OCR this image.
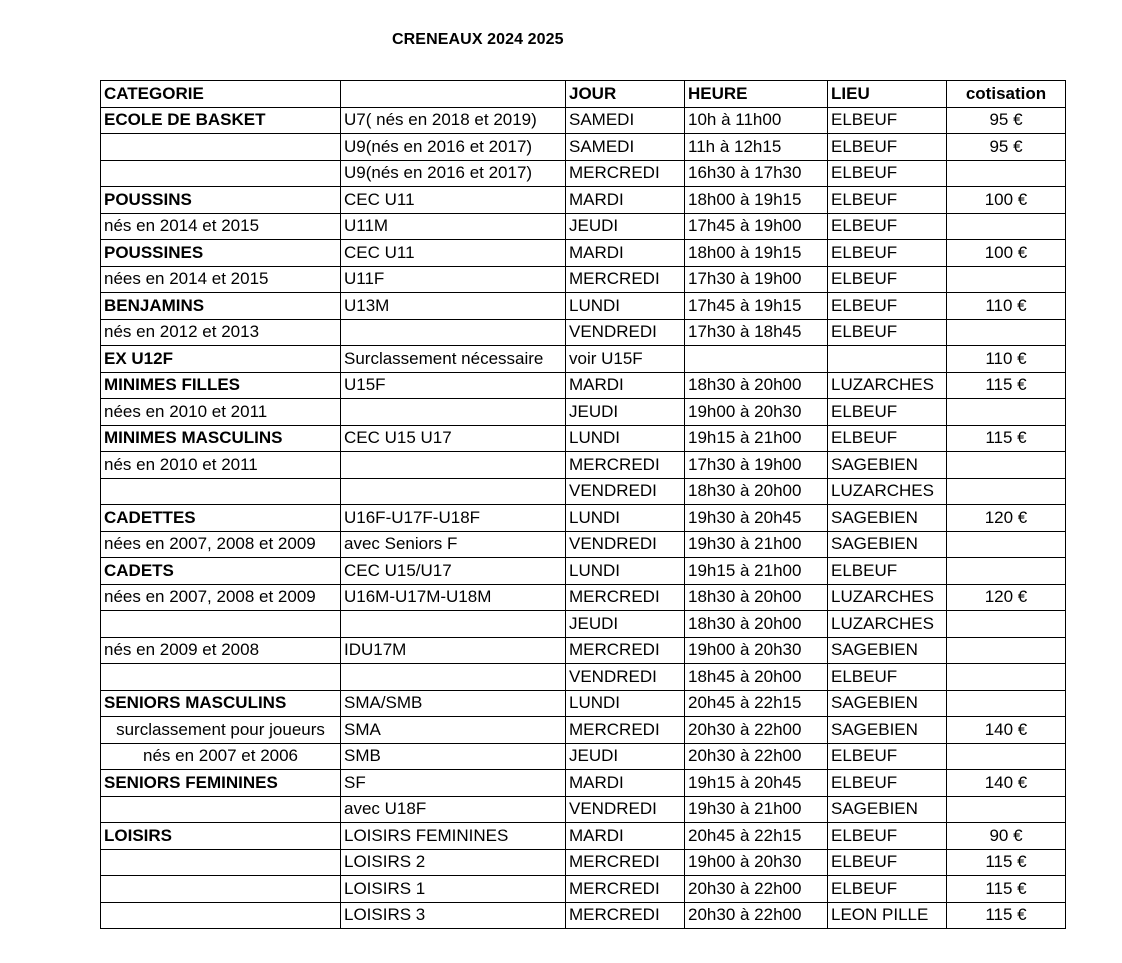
CRENEAUX 2024 2025
CATEGORIE		JOUR	HEURE	LIEU	cotisation
ECOLE DE BASKET	U7( nés en 2018 et 2019)	SAMEDI	10h à 11h00	ELBEUF	95 €
	U9(nés en 2016 et 2017)	SAMEDI	11h à 12h15	ELBEUF	95 €
	U9(nés en 2016 et 2017)	MERCREDI	16h30 à 17h30	ELBEUF	
POUSSINS	CEC U11	MARDI	18h00 à 19h15	ELBEUF	100 €
nés en 2014 et 2015	U11M	JEUDI	17h45 à 19h00	ELBEUF	
POUSSINES	CEC U11	MARDI	18h00 à 19h15	ELBEUF	100 €
nées en 2014 et 2015	U11F	MERCREDI	17h30 à 19h00	ELBEUF	
BENJAMINS	U13M	LUNDI	17h45 à 19h15	ELBEUF	110 €
nés en 2012 et 2013		VENDREDI	17h30 à 18h45	ELBEUF	
EX U12F	Surclassement nécessaire	voir U15F			110 €
MINIMES FILLES	U15F	MARDI	18h30 à 20h00	LUZARCHES	115 €
nées en 2010 et 2011		JEUDI	19h00 à 20h30	ELBEUF	
MINIMES MASCULINS	CEC U15 U17	LUNDI	19h15 à 21h00	ELBEUF	115 €
nés en 2010 et 2011		MERCREDI	17h30 à 19h00	SAGEBIEN	
		VENDREDI	18h30 à 20h00	LUZARCHES	
CADETTES	U16F-U17F-U18F	LUNDI	19h30 à 20h45	SAGEBIEN	120 €
nées en 2007, 2008 et 2009	avec Seniors F	VENDREDI	19h30 à 21h00	SAGEBIEN	
CADETS	CEC U15/U17	LUNDI	19h15 à 21h00	ELBEUF	
nées en 2007, 2008 et 2009	U16M-U17M-U18M	MERCREDI	18h30 à 20h00	LUZARCHES	120 €
		JEUDI	18h30 à 20h00	LUZARCHES	
nés en 2009 et 2008	IDU17M	MERCREDI	19h00 à 20h30	SAGEBIEN	
		VENDREDI	18h45 à 20h00	ELBEUF	
SENIORS MASCULINS	SMA/SMB	LUNDI	20h45 à 22h15	SAGEBIEN	
surclassement pour joueurs	SMA	MERCREDI	20h30 à 22h00	SAGEBIEN	140 €
nés en 2007 et 2006	SMB	JEUDI	20h30 à 22h00	ELBEUF	
SENIORS FEMININES	SF	MARDI	19h15 à 20h45	ELBEUF	140 €
	avec U18F	VENDREDI	19h30 à 21h00	SAGEBIEN	
LOISIRS	LOISIRS FEMININES	MARDI	20h45 à 22h15	ELBEUF	90 €
	LOISIRS 2	MERCREDI	19h00 à 20h30	ELBEUF	115 €
	LOISIRS 1	MERCREDI	20h30 à 22h00	ELBEUF	115 €
	LOISIRS 3	MERCREDI	20h30 à 22h00	LEON PILLE	115 €
